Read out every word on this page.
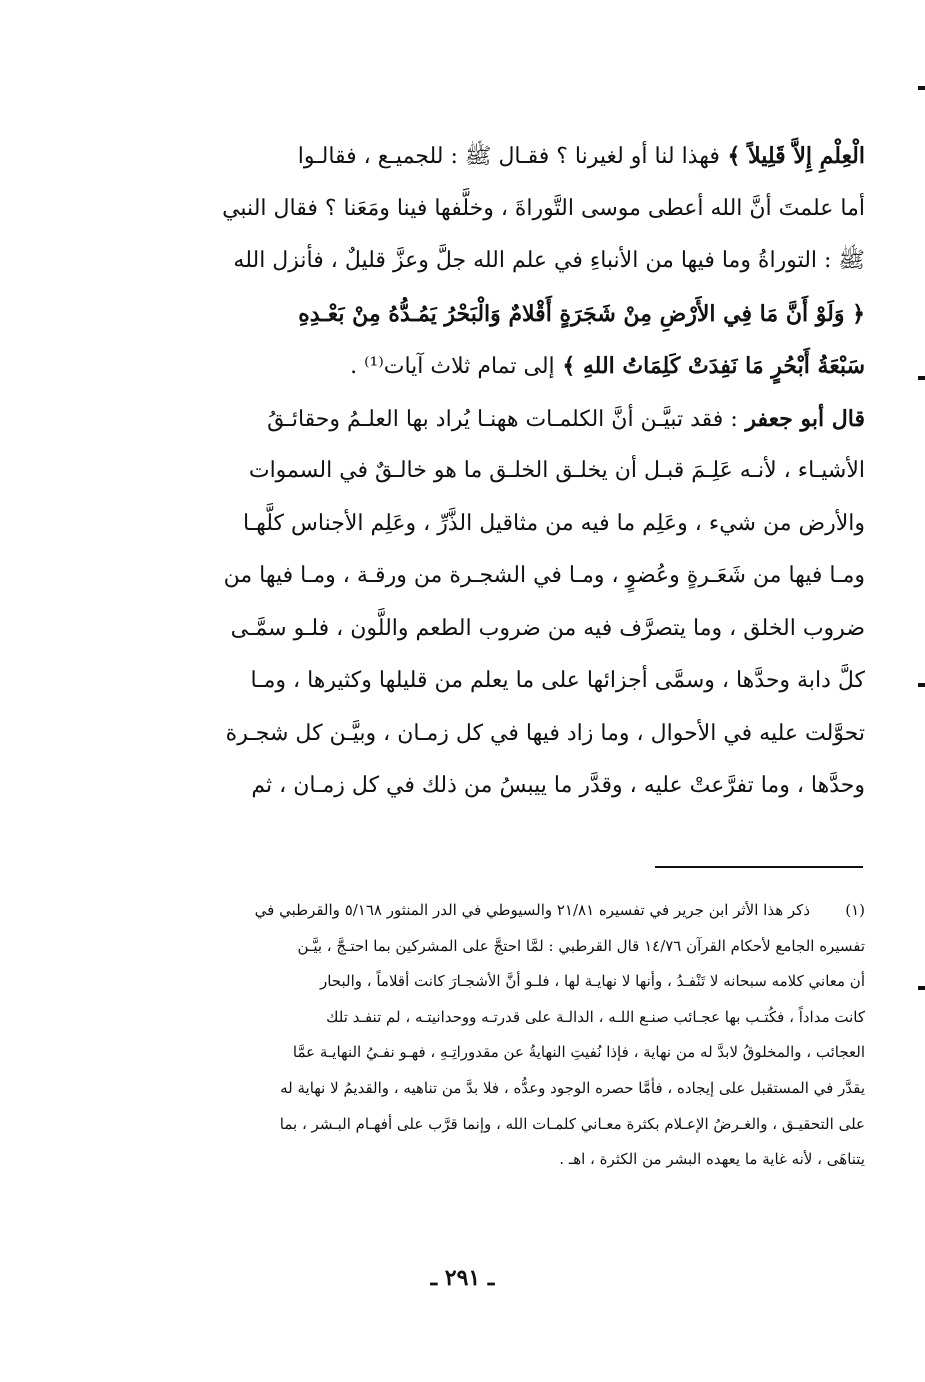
الْعِلْمِ إِلاَّ قَلِيلاً ﴾ فهذا لنا أو لغيرنا ؟ فقـال ﷺ : للجميـع ، فقالـوا
أما علمتَ أنَّ الله أعطى موسى التَّوراةَ ، وخلَّفها فينا ومَعَنا ؟ فقال النبي
ﷺ : التوراةُ وما فيها من الأنباءِ في علم الله جلَّ وعزَّ قليلٌ ، فأنزل الله
﴿ وَلَوْ أَنَّ مَا فِي الأَرْضِ مِنْ شَجَرَةٍ أَقْلامٌ وَالْبَحْرُ يَمُـدُّهُ مِنْ بَعْـدِهِ
سَبْعَةُ أَبْحُرٍ مَا نَفِدَتْ كَلِمَاتُ اللهِ ﴾ إلى تمام ثلاث آيات⁽¹⁾ .
قال أبو جعفر : فقد تبيَّـن أنَّ الكلمـات ههنـا يُراد بها العلـمُ وحقائـقُ
الأشيـاء ، لأنـه عَلِـمَ قبـل أن يخلـق الخلـق ما هو خالـقٌ في السموات
والأرض من شيء ، وعَلِم ما فيه من مثاقيل الذَّرِّ ، وعَلِم الأجناس كلَّهـا
ومـا فيها من شَعَـرةٍ وعُضوٍ ، ومـا في الشجـرة من ورقـة ، ومـا فيها من
ضروب الخلق ، وما يتصرَّف فيه من ضروب الطعم واللَّون ، فلـو سمَّـى
كلَّ دابة وحدَّها ، وسمَّى أجزائها على ما يعلم من قليلها وكثيرها ، ومـا
تحوَّلت عليه في الأحوال ، وما زاد فيها في كل زمـان ، وبيَّـن كل شجـرة
وحدَّها ، وما تفرَّعتْ عليه ، وقدَّر ما ييبسُ من ذلك في كل زمـان ، ثم
(١)
ذكر هذا الأثر ابن جرير في تفسيره ٢١/٨١ والسيوطي في الدر المنثور ٥/١٦٨ والقرطبي في
تفسيره الجامع لأحكام القرآن ١٤/٧٦ قال القرطبي : لمَّا احتجَّ على المشركين بما احتـجَّ ، بيَّـن
أن معاني كلامه سبحانه لا تَنْفـدُ ، وأنها لا نهايـة لها ، فلـو أنَّ الأشجـارَ كانت أقلاماً ، والبحار
كانت مداداً ، فكُتـب بها عجـائب صنـع اللـه ، الدالـة على قدرتـه ووحدانيتـه ، لم تنفـد تلك
العجائب ، والمخلوقُ لابدَّ له من نهاية ، فإذا نُفيتِ النهايةُ عن مقدوراتِـهِ ، فهـو نفـيُ النهايـة عمَّا
يقدَّر في المستقبل على إيجاده ، فأمَّا حصره الوجود وعدُّه ، فلا بدَّ من تناهيه ، والقديمُ لا نهاية له
على التحقيـق ، والغـرضُ الإعـلام بكثرة معـاني كلمـات الله ، وإنما قرَّب على أفهـام البـشر ، بما
يتناهَى ، لأنه غاية ما يعهده البشر من الكثرة ، اهـ .
ـ ٢٩١ ـ
